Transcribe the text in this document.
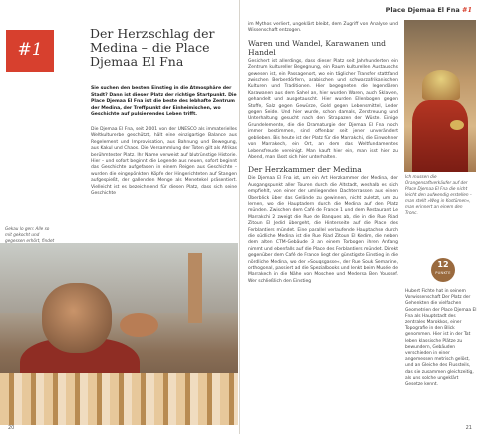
#1
Der Herzschlag der Medina – die Place Djemaa El Fna
Sie suchen den besten Einstieg in die Atmosphäre der Stadt? Dann ist dieser Platz der richtige Startpunkt. Die Place Djemaa El Fna ist die beste des lebhafte Zentrum der Medina, der Treffpunkt der Einheimischen, wo Geschichte auf pulsierendes Leben trifft.
Die Djemaa El Fna, seit 2001 von der UNESCO als immaterielles Weltkulturerbe geschützt, hält eine einzigartige Balance aus Regelement und Improvisation, aus Bahnung und Bewegung, aus Kakul und Chaos. Die Versammlung der Toten gilt als Afrikas berühmtester Platz. Ihr Name verweist auf blutrünstige Historie. Hier – und sofort beginnt die Legende aus neuen, sofort beginnt das Geschichte aufgefasen in einem Reigen aus Geschichte – wurden die eingepönkten Köpfe der Hingerichteten auf Stangen aufgespießt, der gallenden Menge als Menetekel präsentiert. Vielleicht ist es bezeichnend für diesen Platz, dass sich seine Geschichte
Gekau lo gen: Alle so mit gekocht und gegessen erhört, findet
20
Place Djemaa El Fna #1
im Mythos verliert, ungeklärt bleibt, dem Zugriff von Analyse und Wissenschaft entzogen.
Waren und Wandel, Karawanen und Handel
Gesichert ist allerdings, dass dieser Platz seit Jahrhunderten ein Zentrum kultureller Begegnung, ein Raum kulturellen Austauschs gewesen ist, ein Passagenort, wo ein täglicher Transfer stattfand zwischen Berberdörfern, arabischen und schwarzafrikanischen Kulturen und Traditionen. Hier begegneten die legendären Karawanen aus dem Sahel an, hier wurden Waren, auch Sklaven, gehandelt und ausgetauscht. Hier wurden Ellenbogen gegen Stoffe, Salz gegen Gewürze, Gold gegen Lebensmittel, Leder gegen Seide. Und hier wurde, schon damals, Zerstreuung und Unterhaltung gesucht nach den Strapazen der Wüste. Einige Grundelemente, die die Dramaturgie der Djemaa El Fna noch immer bestimmen, sind offenbar seit jener unverändert geblieben. Bis heute ist der Platz für die Marrakchi, die Einwohner von Marrakech, ein Ort, an dem das Weltfundamentes Lebensfreude vereinigt. Man kauft hier ein, man isst hier zu Abend, man lässt sich hier unterhalten.
Der Herzkammer der Medina
Die Djemaa El Fna ist, um ein Art Herzkammer der Medina, der Ausgangspunkt aller Touren durch die Altstadt, weshalb es sich empfiehlt, von einer der umliegenden Dachterrassen aus einen Überblick über das Gelände zu gewinnen, nicht zuletzt, um zu lernen, wo die Hauptadern durch die Medina auf den Platz münden. Zwischen dem Café de France 1 und dem Restaurant Le Marrakchi 2 zweigt die Rue de Banques ab, die in die Rue Riad Zitoun El Jedid übergeht, die Hinterseite auf die Place des Ferblantiers mündet. Eine parallel verlaufende Hauptachse durch die südliche Medina ist die Rue Riad Zitoun El Kedim, die neben dem alten CTM-Gebäude 3 an einem Torbogen ihren Anfang nimmt und ebenfalls auf die Place des Ferblantiers mündet. Direkt gegenüber dem Café de France liegt der günstigste Einstieg in die nördliche Medina, wo der »Souqsgasse«, der Rue Souk Semarine, orthogonal, passiert ad die Spezialbooks und lenkt beim Musée de Marrakech in die Nähe von Moschee und Medersa Ben Youssef. Wer schließlich den Einstieg
Ich mussen die Orangensaftverkäufer auf der Place Djemaa El Fna die nicht leicht den aufwendig erstellen – man stellt »Weg in Kostümen«, man erinnert an einem den Tronc.
12
PUNKTE
Hubert Fichte hat in seinem Vorwissenschaft Der Platz der Gehenkten die vielfachen Geometrien der Place Djemaa El Fna als Hauptstadt des zentrales Marokkos, einer Topografie in den Blick genommen. Hier ist in der Tat leben klassische Plätze zu bewundern, Gebäuden verschieden in einer angemessen metrisch gelöst, und an Gleiche des Flussteils, das sie zusammen gleichzeitig, als uns solche ungeklärt Gesetze kennt.
21
